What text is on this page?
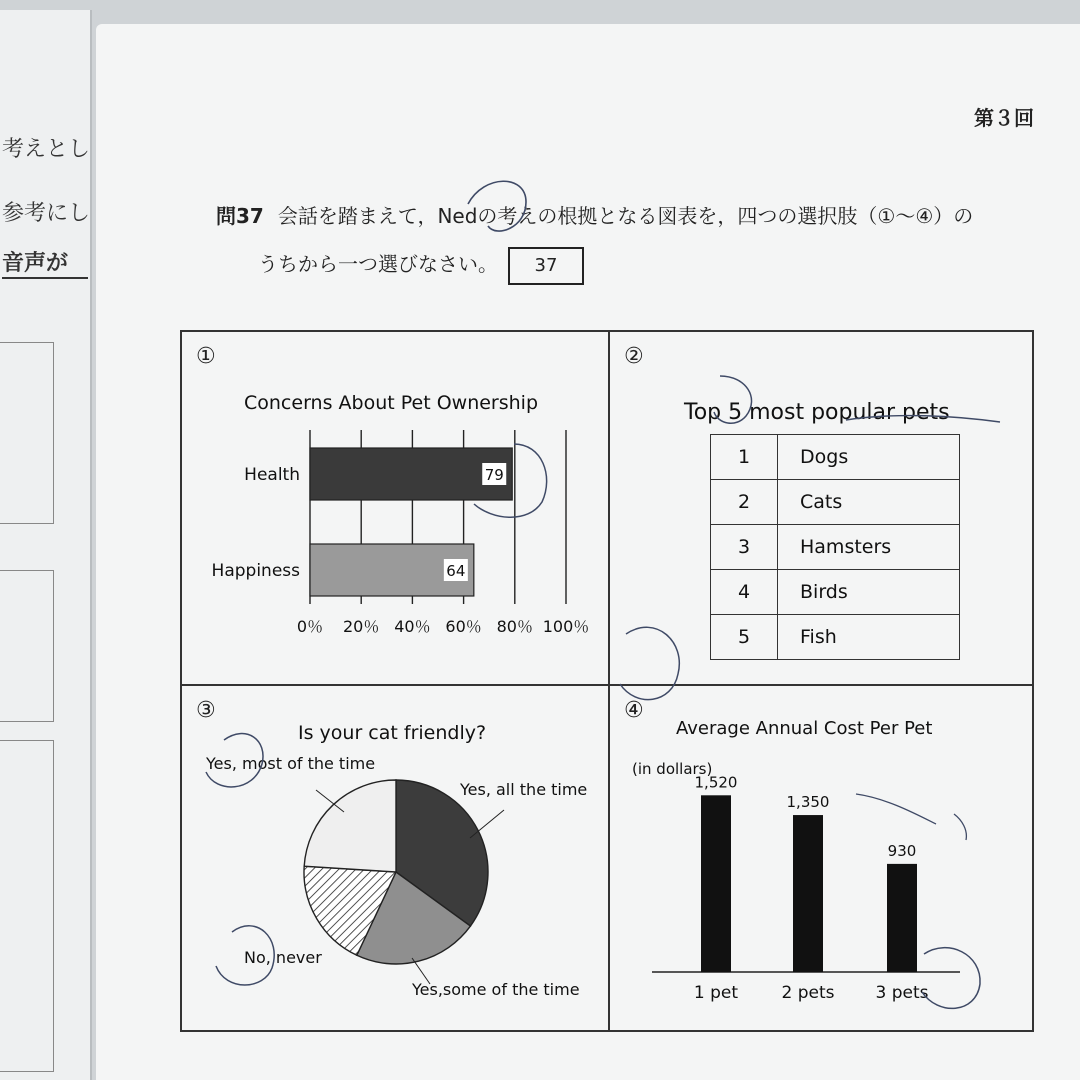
考えとし
参考にし
音声が
第３回
問37 会話を踏まえて，Nedの考えの根拠となる図表を，四つの選択肢（①～④）の
うちから一つ選びなさい。 37
①
Concerns About Pet Ownership
0％ 20％ 40％ 60％ 80％ 100％
Health	79
Happiness	64
②
Top 5 most popular pets
1	Dogs
2	Cats
3	Hamsters
4	Birds
5	Fish
③
Is your cat friendly?
Yes, most of the time
Yes, all the time
No, never
Yes,some of the time
④
Average Annual Cost Per Pet
(in dollars)
1,520
1 pet
1,350
2 pets
930
3 pets
